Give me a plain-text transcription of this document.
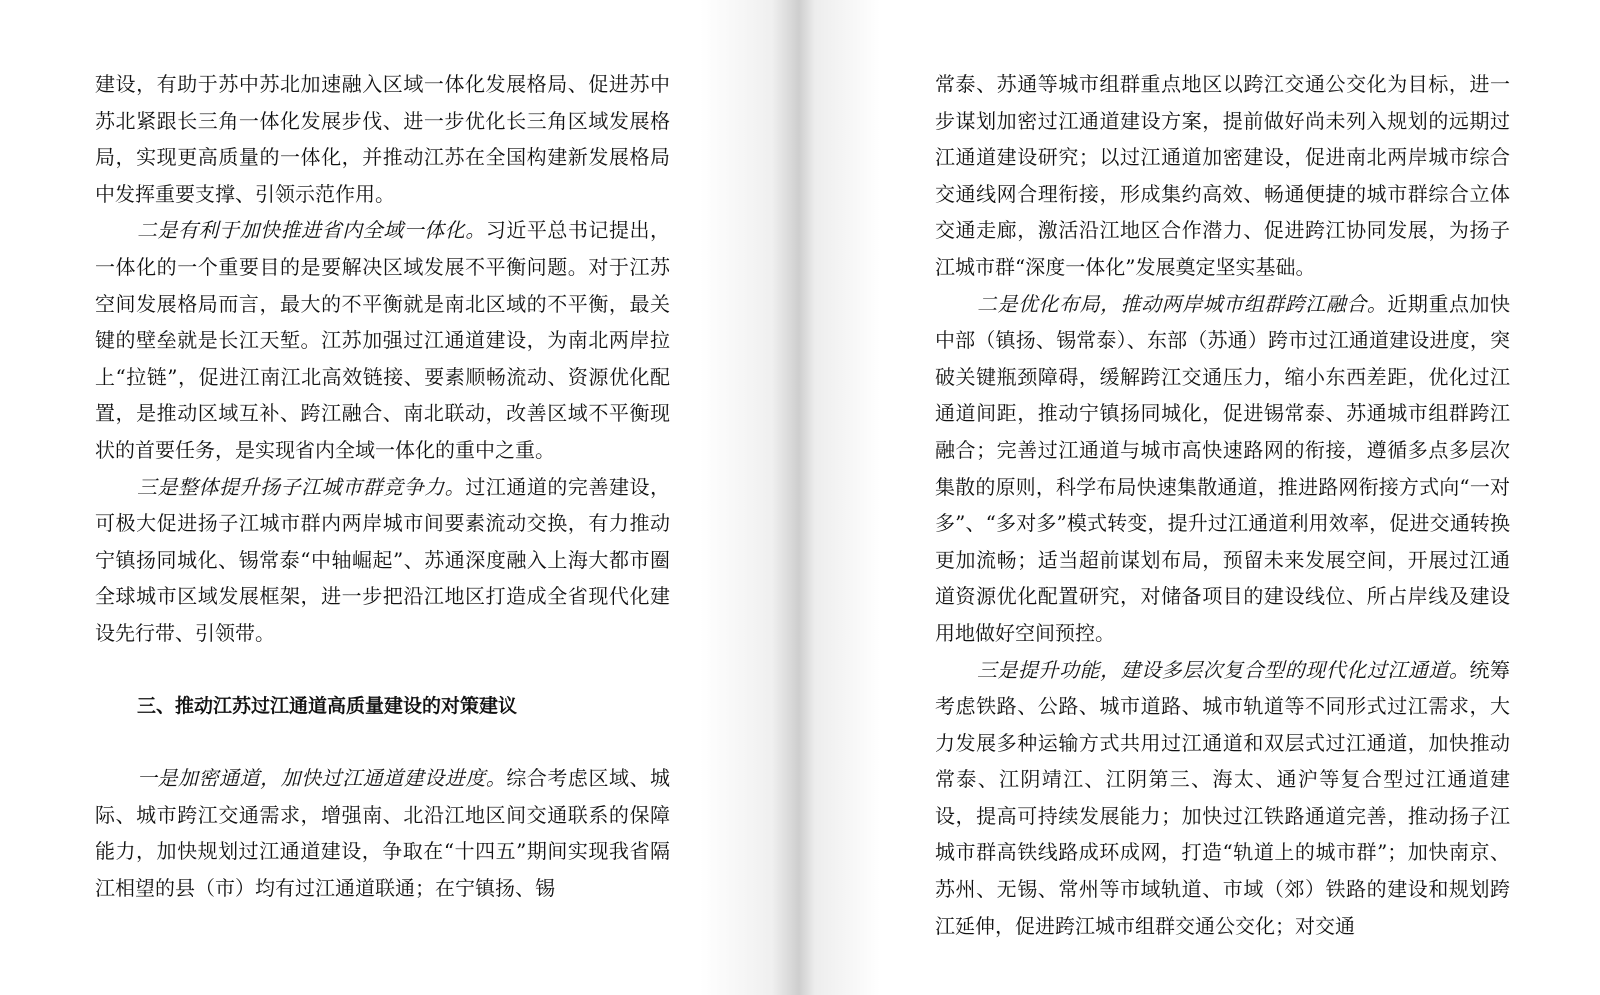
建设，有助于苏中苏北加速融入区域一体化发展格局、促进苏中苏北紧跟长三角一体化发展步伐、进一步优化长三角区域发展格局，实现更高质量的一体化，并推动江苏在全国构建新发展格局中发挥重要支撑、引领示范作用。

二是有利于加快推进省内全域一体化。习近平总书记提出，一体化的一个重要目的是要解决区域发展不平衡问题。对于江苏空间发展格局而言，最大的不平衡就是南北区域的不平衡，最关键的壁垒就是长江天堑。江苏加强过江通道建设，为南北两岸拉上“拉链”，促进江南江北高效链接、要素顺畅流动、资源优化配置，是推动区域互补、跨江融合、南北联动，改善区域不平衡现状的首要任务，是实现省内全域一体化的重中之重。

三是整体提升扬子江城市群竞争力。过江通道的完善建设，可极大促进扬子江城市群内两岸城市间要素流动交换，有力推动宁镇扬同城化、锡常泰“中轴崛起”、苏通深度融入上海大都市圈全球城市区域发展框架，进一步把沿江地区打造成全省现代化建设先行带、引领带。

三、推动江苏过江通道高质量建设的对策建议

一是加密通道，加快过江通道建设进度。综合考虑区域、城际、城市跨江交通需求，增强南、北沿江地区间交通联系的保障能力，加快规划过江通道建设，争取在“十四五”期间实现我省隔江相望的县（市）均有过江通道联通；在宁镇扬、锡

常泰、苏通等城市组群重点地区以跨江交通公交化为目标，进一步谋划加密过江通道建设方案，提前做好尚未列入规划的远期过江通道建设研究；以过江通道加密建设，促进南北两岸城市综合交通线网合理衔接，形成集约高效、畅通便捷的城市群综合立体交通走廊，激活沿江地区合作潜力、促进跨江协同发展，为扬子江城市群“深度一体化”发展奠定坚实基础。

二是优化布局，推动两岸城市组群跨江融合。近期重点加快中部（镇扬、锡常泰）、东部（苏通）跨市过江通道建设进度，突破关键瓶颈障碍，缓解跨江交通压力，缩小东西差距，优化过江通道间距，推动宁镇扬同城化，促进锡常泰、苏通城市组群跨江融合；完善过江通道与城市高快速路网的衔接，遵循多点多层次集散的原则，科学布局快速集散通道，推进路网衔接方式向“一对多”、“多对多”模式转变，提升过江通道利用效率，促进交通转换更加流畅；适当超前谋划布局，预留未来发展空间，开展过江通道资源优化配置研究，对储备项目的建设线位、所占岸线及建设用地做好空间预控。

三是提升功能，建设多层次复合型的现代化过江通道。统筹考虑铁路、公路、城市道路、城市轨道等不同形式过江需求，大力发展多种运输方式共用过江通道和双层式过江通道，加快推动常泰、江阴靖江、江阴第三、海太、通沪等复合型过江通道建设，提高可持续发展能力；加快过江铁路通道完善，推动扬子江城市群高铁线路成环成网，打造“轨道上的城市群”；加快南京、苏州、无锡、常州等市域轨道、市域（郊）铁路的建设和规划跨江延伸，促进跨江城市组群交通公交化；对交通
